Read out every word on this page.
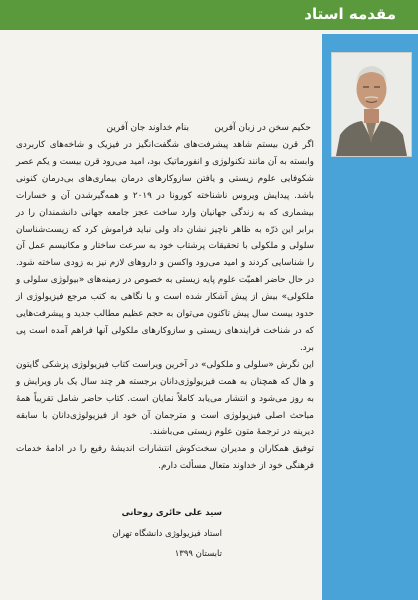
مقدمه استاد
بنام خداوند جان آفرین	حکیم سخن در زبان آفرین

اگر قرن بیستم شاهد پیشرفت‌های شگفت‌انگیز در فیزیک و شاخه‌های کاربردی وابسته به آن مانند تکنولوژی و انفورماتیک بود، امید می‌رود قرن بیست و یکم عصر شکوفایی علوم زیستی و یافتن سازوکارهای درمان بیماری‌های بی‌درمان کنونی باشد. پیدایش ویروس ناشناخته کورونا در ۲۰۱۹ و همه‌گیرشدن آن و خسارات بیشماری که به زندگی جهانیان وارد ساخت عجز جامعه جهانی دانشمندان را در برابر این ذرّه به ظاهر ناچیز نشان داد ولی نباید فراموش کرد که زیست‌شناسان سلولی و ملکولی با تحقیقات پرشتاب خود به سرعت ساختار و مکانیسم عمل آن را شناسایی کردند و امید می‌رود واکسن و داروهای لازم نیز به زودی ساخته شود. در حال حاضر اهمیّت علوم پایه زیستی به خصوص در زمینه‌های «بیولوژی سلولی و ملکولی» بیش از پیش آشکار شده است و با نگاهی به کتب مرجع فیزیولوژی از حدود بیست سال پیش تاکنون می‌توان به حجم عظیم مطالب جدید و پیشرفت‌هایی که در شناخت فرایندهای زیستی و سازوکارهای ملکولی آنها فراهم آمده است پی برد.

این نگرش «سلولی و ملکولی» در آخرین ویراست کتاب فیزیولوژی پزشکی گایتون و هال که همچنان به همت فیزیولوژی‌دانان برجسته هر چند سال یک بار ویرایش و به روز می‌شود و انتشار می‌یابد کاملاً نمایان است. کتاب حاضر شامل تقریباً همهٔ مباحث اصلی فیزیولوژی است و مترجمان آن خود از فیزیولوژی‌دانان با سابقه دیرینه در ترجمهٔ متون علوم زیستی می‌باشند.

توفیق همکاران و مدیران سخت‌کوش انتشارات اندیشهٔ رفیع را در ادامهٔ خدمات فرهنگی خود از خداوند متعال مسألت دارم.

سید علی حائری روحانی
استاد فیزیولوژی دانشگاه تهران
تابستان ۱۳۹۹
